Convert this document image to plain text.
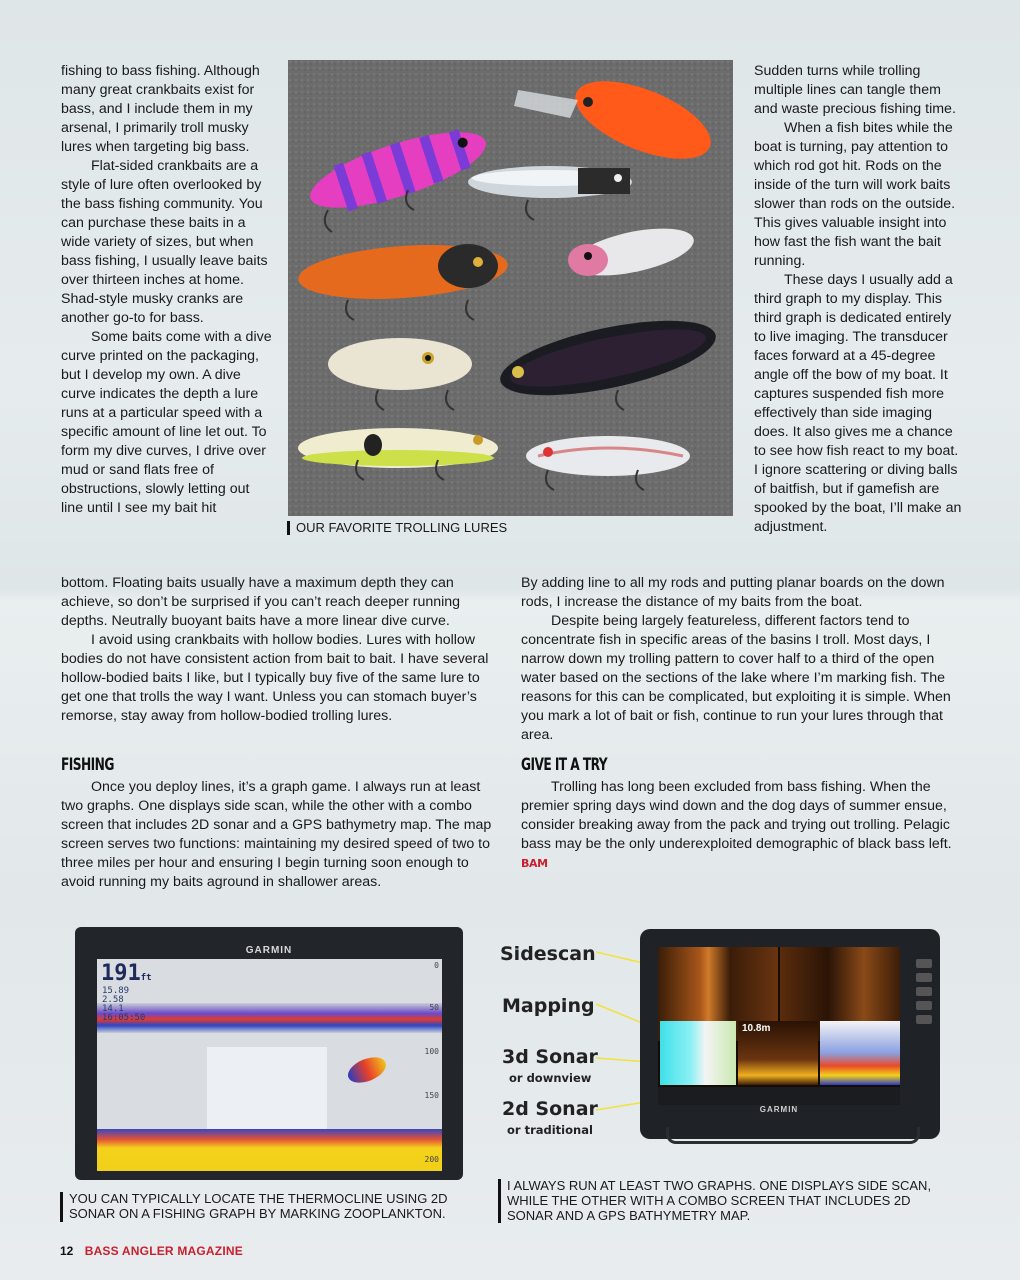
fishing to bass fishing. Although many great crankbaits exist for bass, and I include them in my arsenal, I primarily troll musky lures when targeting big bass.

Flat-sided crankbaits are a style of lure often overlooked by the bass fishing community. You can purchase these baits in a wide variety of sizes, but when bass fishing, I usually leave baits over thirteen inches at home. Shad-style musky cranks are another go-to for bass.

Some baits come with a dive curve printed on the packaging, but I develop my own. A dive curve indicates the depth a lure runs at a particular speed with a specific amount of line let out. To form my dive curves, I drive over mud or sand flats free of obstructions, slowly letting out line until I see my bait hit

OUR FAVORITE TROLLING LURES

Sudden turns while trolling multiple lines can tangle them and waste precious fishing time.

When a fish bites while the boat is turning, pay attention to which rod got hit. Rods on the inside of the turn will work baits slower than rods on the outside. This gives valuable insight into how fast the fish want the bait running.

These days I usually add a third graph to my display. This third graph is dedicated entirely to live imaging. The transducer faces forward at a 45-degree angle off the bow of my boat. It captures suspended fish more effectively than side imaging does. It also gives me a chance to see how fish react to my boat. I ignore scattering or diving balls of baitfish, but if gamefish are spooked by the boat, I’ll make an adjustment.

bottom. Floating baits usually have a maximum depth they can achieve, so don’t be surprised if you can’t reach deeper running depths. Neutrally buoyant baits have a more linear dive curve.

I avoid using crankbaits with hollow bodies. Lures with hollow bodies do not have consistent action from bait to bait. I have several hollow-bodied baits I like, but I typically buy five of the same lure to get one that trolls the way I want. Unless you can stomach buyer’s remorse, stay away from hollow-bodied trolling lures.

By adding line to all my rods and putting planar boards on the down rods, I increase the distance of my baits from the boat.

Despite being largely featureless, different factors tend to concentrate fish in specific areas of the basins I troll. Most days, I narrow down my trolling pattern to cover half to a third of the open water based on the sections of the lake where I’m marking fish. The reasons for this can be complicated, but exploiting it is simple. When you mark a lot of bait or fish, continue to run your lures through that area.

FISHING	GIVE IT A TRY

Once you deploy lines, it’s a graph game. I always run at least two graphs. One displays side scan, while the other with a combo screen that includes 2D sonar and a GPS bathymetry map. The map screen serves two functions: maintaining my desired speed of two to three miles per hour and ensuring I begin turning soon enough to avoid running my baits aground in shallower areas.

Trolling has long been excluded from bass fishing. When the premier spring days wind down and the dog days of summer ensue, consider breaking away from the pack and trying out trolling. Pelagic bass may be the only underexploited demographic of black bass left. BAM

GARMIN
191ft
15.89
2.58
14.1
16:05:50
0
50
100
150
200
YOU CAN TYPICALLY LOCATE THE THERMOCLINE USING 2D SONAR ON A FISHING GRAPH BY MARKING ZOOPLANKTON.
Sidescan
Mapping
3d Sonar
or downview
2d Sonar
or traditional
10.8m
GARMIN
I ALWAYS RUN AT LEAST TWO GRAPHS. ONE DISPLAYS SIDE SCAN, WHILE THE OTHER WITH A COMBO SCREEN THAT INCLUDES 2D SONAR AND A GPS BATHYMETRY MAP.
12 BASS ANGLER MAGAZINE
